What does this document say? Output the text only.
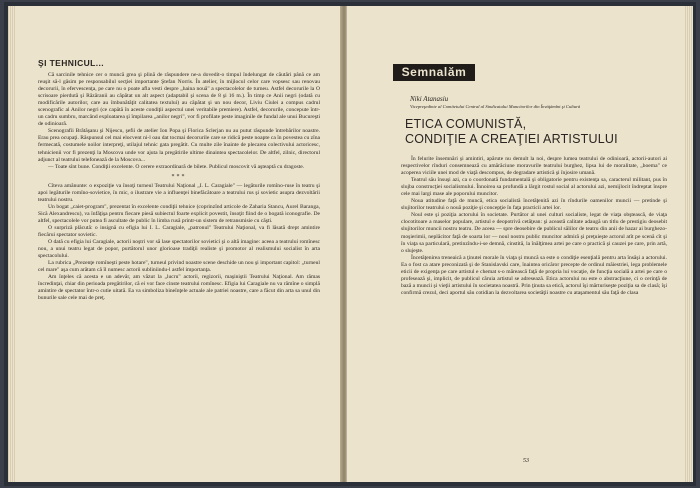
ŞI TEHNICUL...

Că sarcinile tehnice cer o muncă grea şi plină de răspundere ne-a dovedit-o timpul îndelungat de căutări până ce am reuşit să-l găsim pe responsabilul secţiei importante Ştefan Norris. În atelier, în mijlocul celor care vopsesc sau renovau decorurii, în efervescenţa, pe care nu o poate afla vesti despre „haina nouă" a spectacolelor de turneu. Astfel decorurile la O scrisoare pierdută şi Răzăranii au căpătat un alt aspect (adaptabil şi scena de 8 şi 16 m.). În timp ce Anii negri (odată cu modificările autorilor, care au îmbunătăţit calitatea textului) au căpătat şi un nou decor, Liviu Ciulei a compus cadrul scenografic al Anilor negri (ce capătă în aceste condiţii aspectul unei veritabile premiere). Astfel, decorurile, concepute într-un cadru sumbru, marcând exploatarea şi împilarea „anilor negri", vor fi profilate peste imaginile de fundal ale unui Bucureşti de odinioară.

Scenografii Brătăşanu şi Nijescu, şefii de atelier Ion Popa şi Florica Sclerjan nu au putut răspunde întrebărilor noastre. Erau prea ocupaţi. Răspunsul cel mai elocvent ni-l oau dat tocmai decorurile care se ridică peste noapte ca în povestea cu zîna fermecată, costumele noilor interpreţi, utilajul tehnic gata pregătit. Cu multe zile înainte de plecarea colectivului actoricesc, tehnicienii vor fi prezenţi la Moscova unde vor ajuta la pregătirile ultime dinaintea spectacolelor. De altfel, zilnic, directorul adjunct al teatrului telefonează de la Moscova...

— Toate sînt bune. Condiţii excelente. O cerere extraordinară de bilete. Publicul moscovit vă aşteaptă cu dragoste.

***

Cîteva amănunte: o expoziţie va însoţi turneul Teatrului Naţional „I. L. Caragiale" — legăturile romîno-ruse în teatru şi apoi legăturile romîno-sovietice, în mic, o ilustrare vie a influenţei binefăcătoare a teatrului rus şi sovietic asupra dezvoltării teatrului nostru.

Un bogat „caiet-program", prezentat în excelente condiţii tehnice (coprinzînd articole de Zaharia Stancu, Aurel Baranga, Sică Alexandrescu), va înfăţişa pentru fiecare piesă subiectul foarte explicit povestit, însoţit fiind de o bogată iconografie. De altfel, spectacolele vor putea fi ascultate de public în limba rusă printr-un sistem de retransmisie cu căşti.

O surpriză plăcută: o insignă cu efigia lui I. L. Caragiale, „patronul" Teatrului Naţional, va fi lăsată drept amintire fiecărui spectator sovietic.

O dată cu efigia lui Caragiale, actorii noştri vor să lase spectatorilor sovietici şi o altă imagine: aceea a teatrului romînesc nou, a unui teatru legat de popor, purtătorul unor glorioase tradiţii realiste şi promotor al realismului socialist în arta spectacolului.

La rubrica „Prezenţe romîneşti peste hotare", turneul privind noastre scene deschide un nou şi important capitol: „turneul cel mare" aşa cum arătam că îl numesc actorii subliniindu-l astfel importanţa.

Am înţeles că acesta e un adevăr, am văzut la „lucru" actorii, regizorii, maşiniştii Teatrului Naţional. Am rămas încredinţai, chiar din perioada pregătirilor, că ei vor face cinste teatrului romînesc. Efigia lui Caragiale nu va rămîne o simplă amintire de spectator într-o cutie uitată. Ea va simboliza bineînţele actuale ale patriei noastre, care a făcut din arta sa unul din bunurile sale cele mai de preţ.

Semnalăm
Niki Atanasiu
Vicepreşedinte al Comitetului Central al Sindicatului Muncitorilor din Învăţămînt şi Cultură
ETICA COMUNISTĂ,
CONDIŢIE A CREAŢIEI ARTISTULUI

În felurite însemnări şi amintiri, apărute nu demult la noi, despre lumea teatrului de odinioară, actorii-autori ai respectivelor rînduri consemnează cu amărăciune moravurile teatrului burghez, lipsa lui de moralitate, „boema" ce acoperea viciile unei mod de viaţă descompus, de degradare artistică şi înjosire umană.

Teatrul său însuşi azi, ca o coordonată fundamentală şi obligatorie pentru existenţa sa, caracterul militant, pus în slujba construcţiei socialismului. Înnoirea sa profundă a lărgit rostul social al actorului azi, nemijlocit îndreptat înspre cele mai largi mase ale poporului muncitor.

Noua atitudine faţă de muncă, etica socialistă încetăţenită azi în rîndurile oamenilor muncii — pretinde şi slujitorilor teatrului o nouă poziţie şi concepţie în faţa practicii artei lor.

Noul este şi poziţia actorului în societate. Purtător al unei culturi socialiste, legat de viaţa obştească, de viaţa clocotitoare a maselor populare, artistul e deopotrivă cetăţean: şi această calitate adaugă un titlu de prestigiu deosebit slujitorilor muncii nostru teatru. De aceea — spre deosebire de publicul sălilor de teatru din anii de hazar ai burghezo-moşierimii, neplăcitor faţă de soarta lor — noul nostru public muncitor admiră şi preţuieşte actorul atît pe scenă cît şi în viaţa sa particulară, pretinzîndu-i-se demnă, cinstită, la înălţimea artei pe care o practică şi cauzei pe care, prin artă, o slujeşte.

Încetăţenirea treneaică a ţinutei morale în viaţa şi muncă sa este o condiţie esenţială pentru arta însăşi a actorului. Ea o fost ca atare preconizată şi de Stanislavski care, înaintea oricăror precepte de ordinul măiestriei, lega problemele eticii de exigenţa pe care artistul e chemat s-o mărească faţă de propria lui vocaţie, de funcţia socială a artei pe care o profesează şi, implicit, de publicul căruia artistul se adresează. Etica actorului nu este o abstracţiune, ci o cerinţă de bază a muncii şi vieţii artistului în societatea noastră. Prin ţinuta sa etică, actorul îşi mărturiseşte poziţia sa de clasă; îşi confirmă crezul, deci aportul său cotidian la dezvoltarea societăţii noastre cu ataşamentul său faţă de clasa

53
